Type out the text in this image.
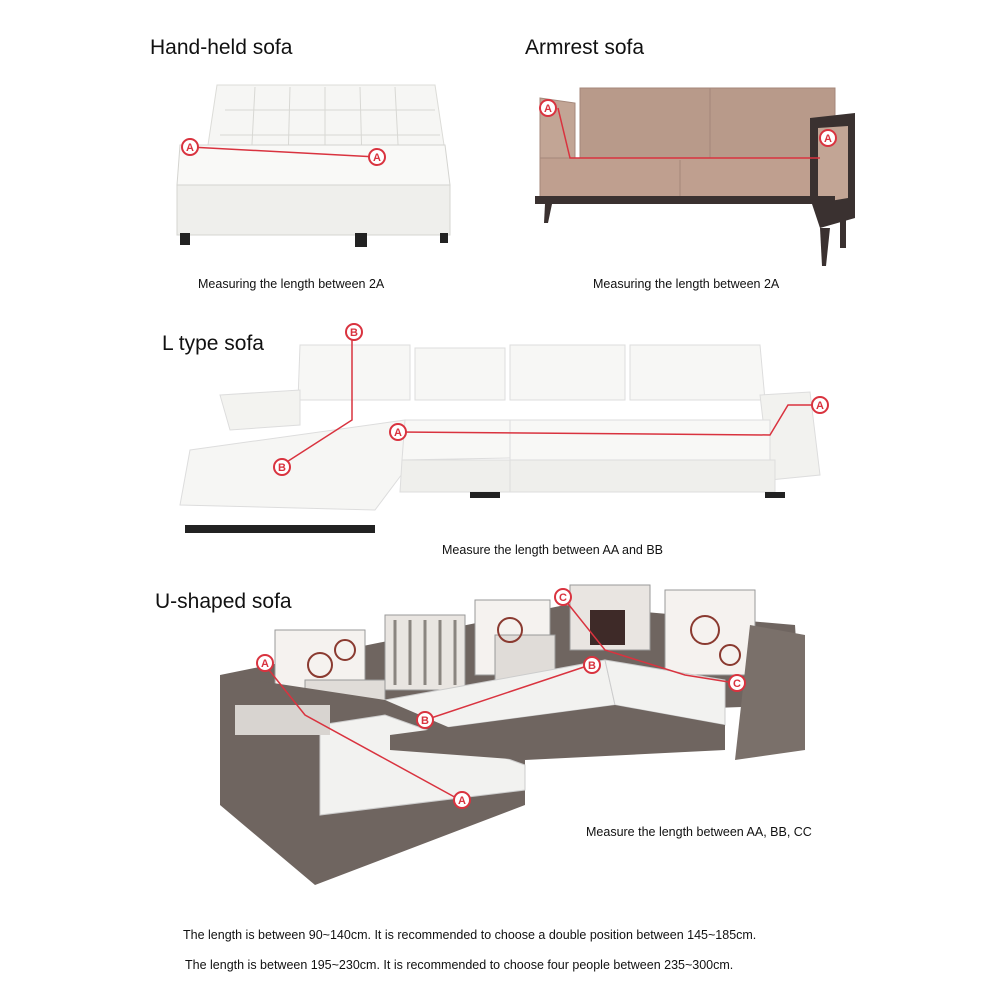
Hand-held sofa
A
A
Measuring the length between 2A
Armrest sofa
A
A
Measuring the length between 2A
L type sofa	B
A
A
B
Measure the length between AA and BB
U-shaped sofa
A
A
B
B
C
C
Measure the length between AA, BB, CC
The length is between 90~140cm. It is recommended to choose a double position between 145~185cm.
The length is between 195~230cm. It is recommended to choose four people between 235~300cm.
